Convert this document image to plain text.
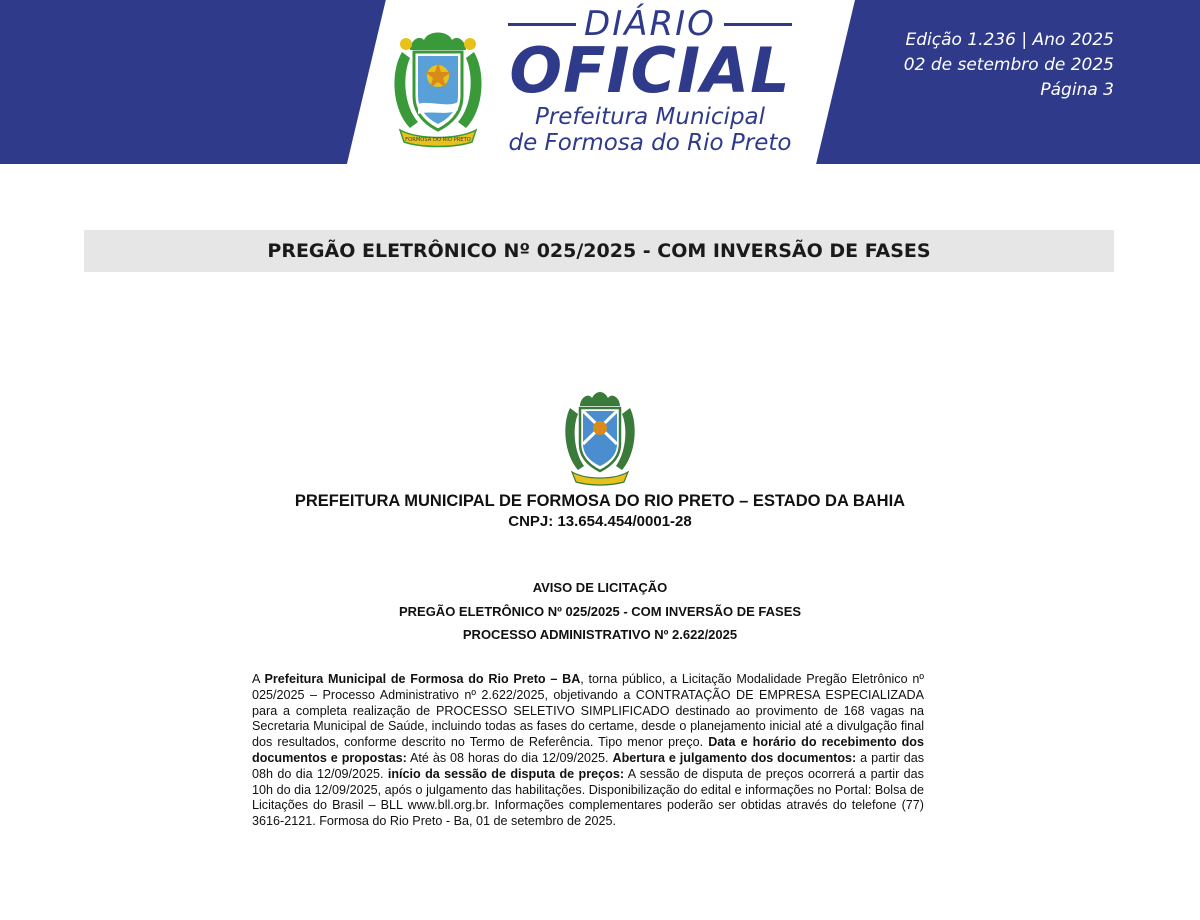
FORMOSA DO RIO PRETO
DIÁRIO
OFICIAL
Prefeitura Municipal
de Formosa do Rio Preto
Edição 1.236 | Ano 2025
02 de setembro de 2025
Página 3
PREGÃO ELETRÔNICO Nº 025/2025 - COM INVERSÃO DE FASES
PREFEITURA MUNICIPAL DE FORMOSA DO RIO PRETO – ESTADO DA BAHIA
CNPJ: 13.654.454/0001-28
AVISO DE LICITAÇÃO
PREGÃO ELETRÔNICO Nº 025/2025 - COM INVERSÃO DE FASES
PROCESSO ADMINISTRATIVO Nº 2.622/2025
A Prefeitura Municipal de Formosa do Rio Preto – BA, torna público, a Licitação Modalidade Pregão Eletrônico nº 025/2025 – Processo Administrativo nº 2.622/2025, objetivando a CONTRATAÇÃO DE EMPRESA ESPECIALIZADA para a completa realização de PROCESSO SELETIVO SIMPLIFICADO destinado ao provimento de 168 vagas na Secretaria Municipal de Saúde, incluindo todas as fases do certame, desde o planejamento inicial até a divulgação final dos resultados, conforme descrito no Termo de Referência. Tipo menor preço. Data e horário do recebimento dos documentos e propostas: Até às 08 horas do dia 12/09/2025. Abertura e julgamento dos documentos: a partir das 08h do dia 12/09/2025. início da sessão de disputa de preços: A sessão de disputa de preços ocorrerá a partir das 10h do dia 12/09/2025, após o julgamento das habilitações. Disponibilização do edital e informações no Portal: Bolsa de Licitações do Brasil – BLL www.bll.org.br. Informações complementares poderão ser obtidas através do telefone (77) 3616-2121. Formosa do Rio Preto - Ba, 01 de setembro de 2025.
